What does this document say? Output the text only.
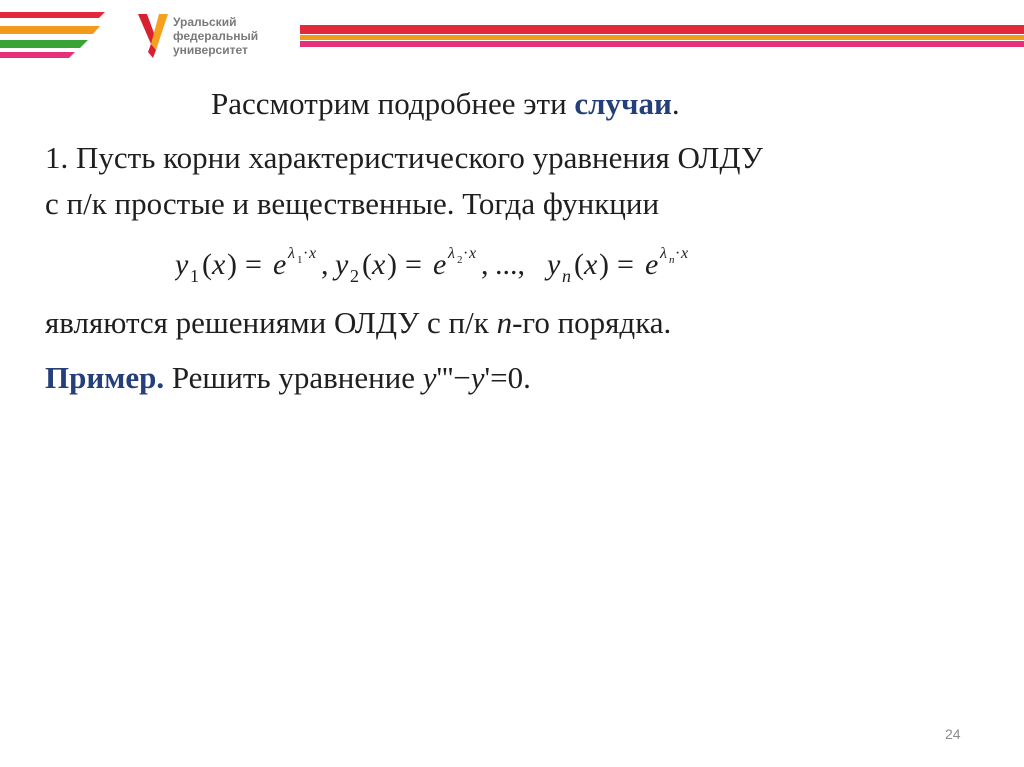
Уральский
федеральный
университет
Рассмотрим подробнее эти случаи.
1. Пусть корни характеристического уравнения ОЛДУ
с п/к простые и вещественные. Тогда функции
y 1 ( x ) = e λ 1 · x , y 2 ( x ) = e λ 2 · x , ..., y n ( x ) = e λ n · x
являются решениями ОЛДУ с п/к n-го порядка.
Пример. Решить уравнение y'''−y'=0.
24
